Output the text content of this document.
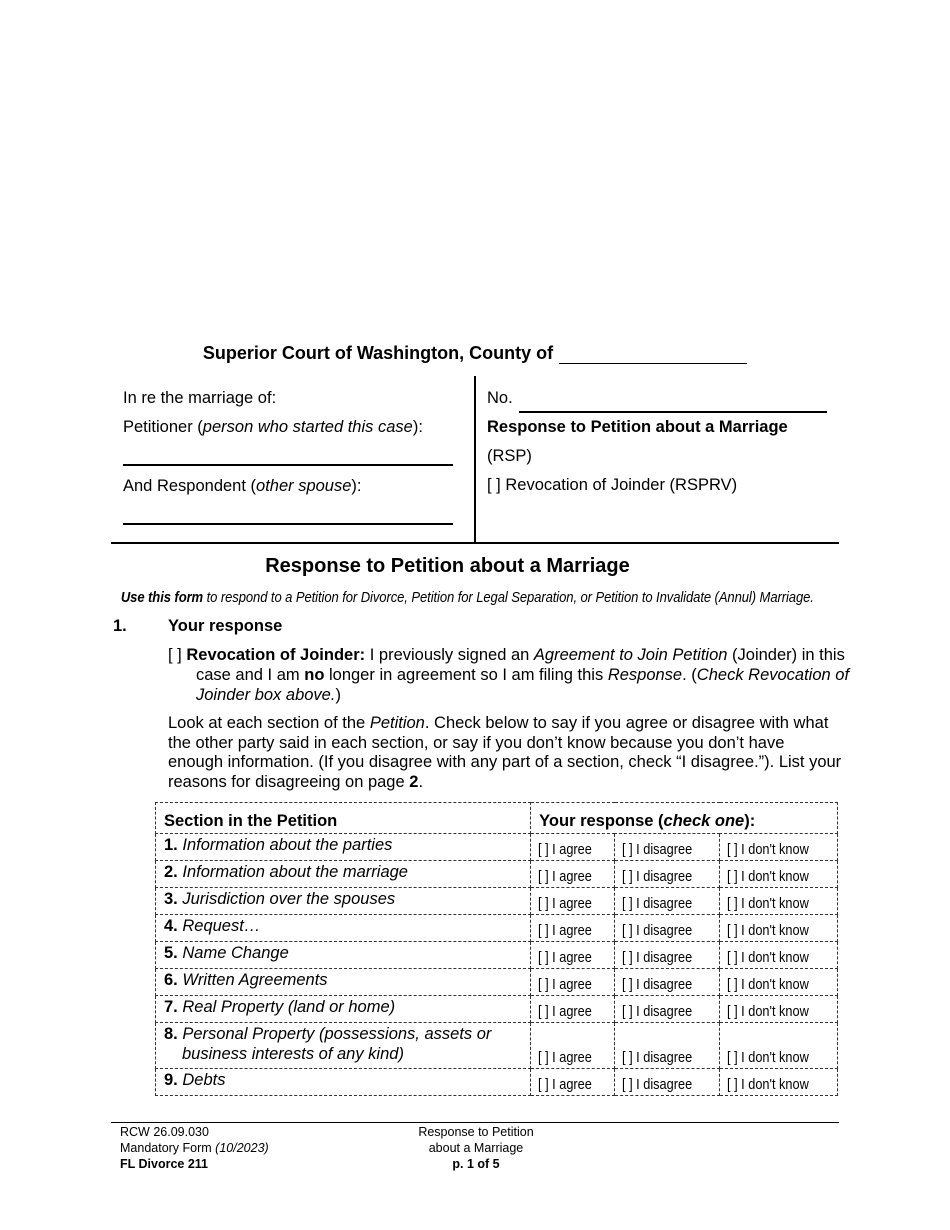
Superior Court of Washington, County of
In re the marriage of:
Petitioner (person who started this case):
And Respondent (other spouse):
No.
Response to Petition about a Marriage
(RSP)
[ ] Revocation of Joinder (RSPRV)
Response to Petition about a Marriage
Use this form to respond to a Petition for Divorce, Petition for Legal Separation, or Petition to Invalidate (Annul) Marriage.
1. Your response
[ ] Revocation of Joinder: I previously signed an Agreement to Join Petition (Joinder) in this case and I am no longer in agreement so I am filing this Response. (Check Revocation of Joinder box above.)
Look at each section of the Petition. Check below to say if you agree or disagree with what the other party said in each section, or say if you don’t know because you don’t have enough information. (If you disagree with any part of a section, check “I disagree.”). List your reasons for disagreeing on page 2.
Section in the Petition	Your response (check one):		

1. Information about the parties	[ ] I agree	[ ] I disagree	[ ] I don't know

2. Information about the marriage	[ ] I agree	[ ] I disagree	[ ] I don't know

3. Jurisdiction over the spouses	[ ] I agree	[ ] I disagree	[ ] I don't know

4. Request…	[ ] I agree	[ ] I disagree	[ ] I don't know

5. Name Change	[ ] I agree	[ ] I disagree	[ ] I don't know

6. Written Agreements	[ ] I agree	[ ] I disagree	[ ] I don't know

7. Real Property (land or home)	[ ] I agree	[ ] I disagree	[ ] I don't know

8. Personal Property (possessions, assets or business interests of any kind)	[ ] I agree	[ ] I disagree	[ ] I don't know

9. Debts	[ ] I agree	[ ] I disagree	[ ] I don't know
RCW 26.09.030
Mandatory Form (10/2023)
FL Divorce 211
Response to Petition
about a Marriage
p. 1 of 5
